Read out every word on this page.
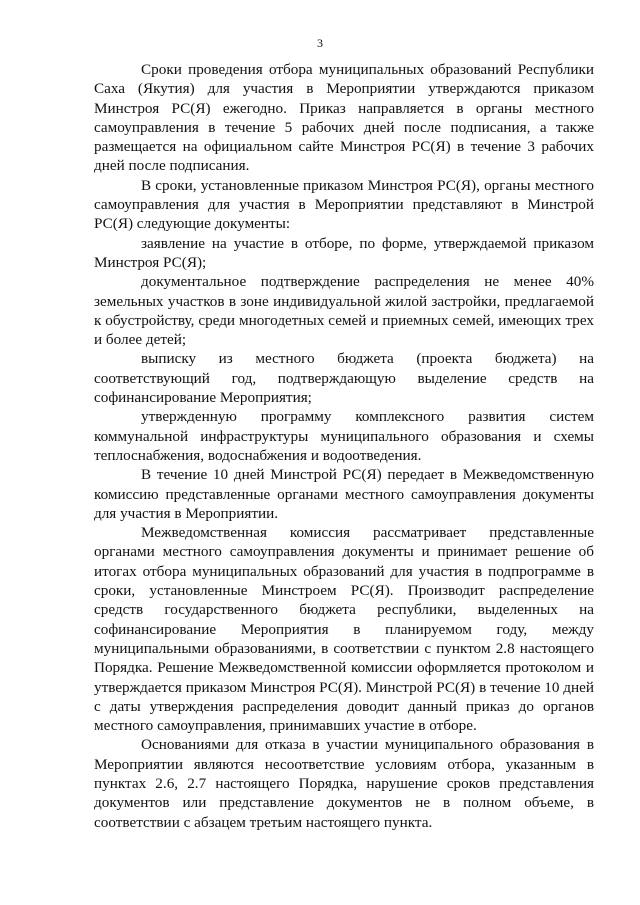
3

Сроки проведения отбора муниципальных образований Республики Саха (Якутия) для участия в Мероприятии утверждаются приказом Минстроя РС(Я) ежегодно. Приказ направляется в органы местного самоуправления в течение 5 рабочих дней после подписания, а также размещается на официальном сайте Минстроя РС(Я) в течение 3 рабочих дней после подписания.

В сроки, установленные приказом Минстроя РС(Я), органы местного самоуправления для участия в Мероприятии представляют в Минстрой РС(Я) следующие документы:

заявление на участие в отборе, по форме, утверждаемой приказом Минстроя РС(Я);

документальное подтверждение распределения не менее 40% земельных участков в зоне индивидуальной жилой застройки, предлагаемой к обустройству, среди многодетных семей и приемных семей, имеющих трех и более детей;

выписку из местного бюджета (проекта бюджета) на соответствующий год, подтверждающую выделение средств на софинансирование Мероприятия;

утвержденную программу комплексного развития систем коммунальной инфраструктуры муниципального образования и схемы теплоснабжения, водоснабжения и водоотведения.

В течение 10 дней Минстрой РС(Я) передает в Межведомственную комиссию представленные органами местного самоуправления документы для участия в Мероприятии.

Межведомственная комиссия рассматривает представленные органами местного самоуправления документы и принимает решение об итогах отбора муниципальных образований для участия в подпрограмме в сроки, установленные Минстроем РС(Я). Производит распределение средств государственного бюджета республики, выделенных на софинансирование Мероприятия в планируемом году, между муниципальными образованиями, в соответствии с пунктом 2.8 настоящего Порядка. Решение Межведомственной комиссии оформляется протоколом и утверждается приказом Минстроя РС(Я). Минстрой РС(Я) в течение 10 дней с даты утверждения распределения доводит данный приказ до органов местного самоуправления, принимавших участие в отборе.

Основаниями для отказа в участии муниципального образования в Мероприятии являются несоответствие условиям отбора, указанным в пунктах 2.6, 2.7 настоящего Порядка, нарушение сроков представления документов или представление документов не в полном объеме, в соответствии с абзацем третьим настоящего пункта.
